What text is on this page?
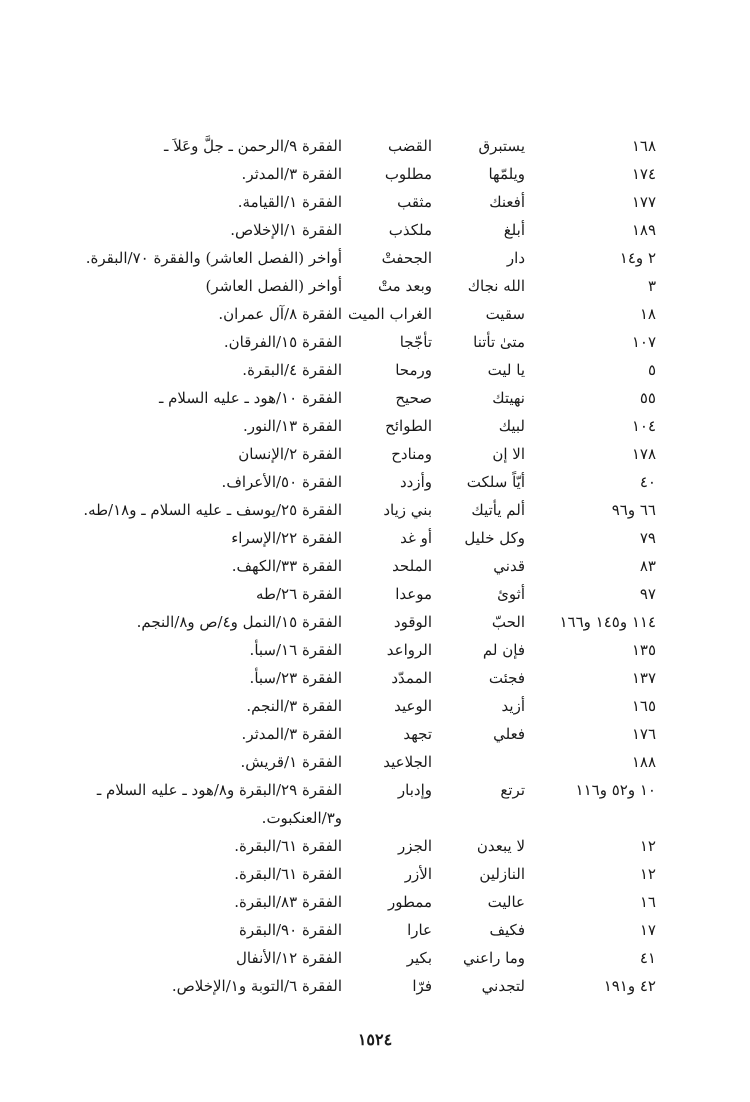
١٦٨
يستبرق
القضب
الفقرة ٩/الرحمن ـ جلَّ وعَلاَ ـ
١٧٤
ويلمّها
مطلوب
الفقرة ٣/المدثر.
١٧٧
أفعنك
مثقب
الفقرة ١/القيامة.
١٨٩
أبلغ
ملكذب
الفقرة ١/الإخلاص.
٢ و١٤
دار
الجحفتْ
أواخر (الفصل العاشر) والفقرة ٧٠/البقرة.
٣
الله نجاك
وبعد متْ
أواخر (الفصل العاشر)
١٨
سقيت
الغراب الميت
الفقرة ٨/آل عمران.
١٠٧
متىٰ تأتنا
تأجّجا
الفقرة ١٥/الفرقان.
٥
يا ليت
ورمحا
الفقرة ٤/البقرة.
٥٥
نهيتك
صحيح
الفقرة ١٠/هود ـ عليه السلام ـ
١٠٤
لبيك
الطوائح
الفقرة ١٣/النور.
١٧٨
الا إن
ومنادح
الفقرة ٢/الإنسان
٤٠
أيّاً سلكت
وأزدد
الفقرة ٥٠/الأعراف.
٦٦ و٩٦
ألم يأتيك
بني زياد
الفقرة ٢٥/يوسف ـ عليه السلام ـ و١٨/طه.
٧٩
وكل خليل
أو غد
الفقرة ٢٢/الإسراء
٨٣
قدني
الملحد
الفقرة ٣٣/الكهف.
٩٧
أثوئ
موعدا
الفقرة ٢٦/طه
١١٤ و١٤٥ و١٦٦
الحبّ
الوقود
الفقرة ١٥/النمل و٤/ص و٨/النجم.
١٣٥
فإن لم
الرواعد
الفقرة ١٦/سبأ.
١٣٧
فجئت
الممدّد
الفقرة ٢٣/سبأ.
١٦٥
أزيد
الوعيد
الفقرة ٣/النجم.
١٧٦
فعلي
تجهد
الفقرة ٣/المدثر.
١٨٨
الجلاعيد
الفقرة ١/قريش.
١٠ و٥٢ و١١٦
ترتع
وإدبار
الفقرة ٢٩/البقرة و٨/هود ـ عليه السلام ـ
و٣/العنكبوت.
١٢
لا يبعدن
الجزر
الفقرة ٦١/البقرة.
١٢
النازلين
الأزر
الفقرة ٦١/البقرة.
١٦
عاليت
ممطور
الفقرة ٨٣/البقرة.
١٧
فكيف
عارا
الفقرة ٩٠/البقرة
٤١
وما راعني
بكير
الفقرة ١٢/الأنفال
٤٢ و١٩١
لتجدني
فرّا
الفقرة ٦/التوبة و١/الإخلاص.
١٥٢٤
